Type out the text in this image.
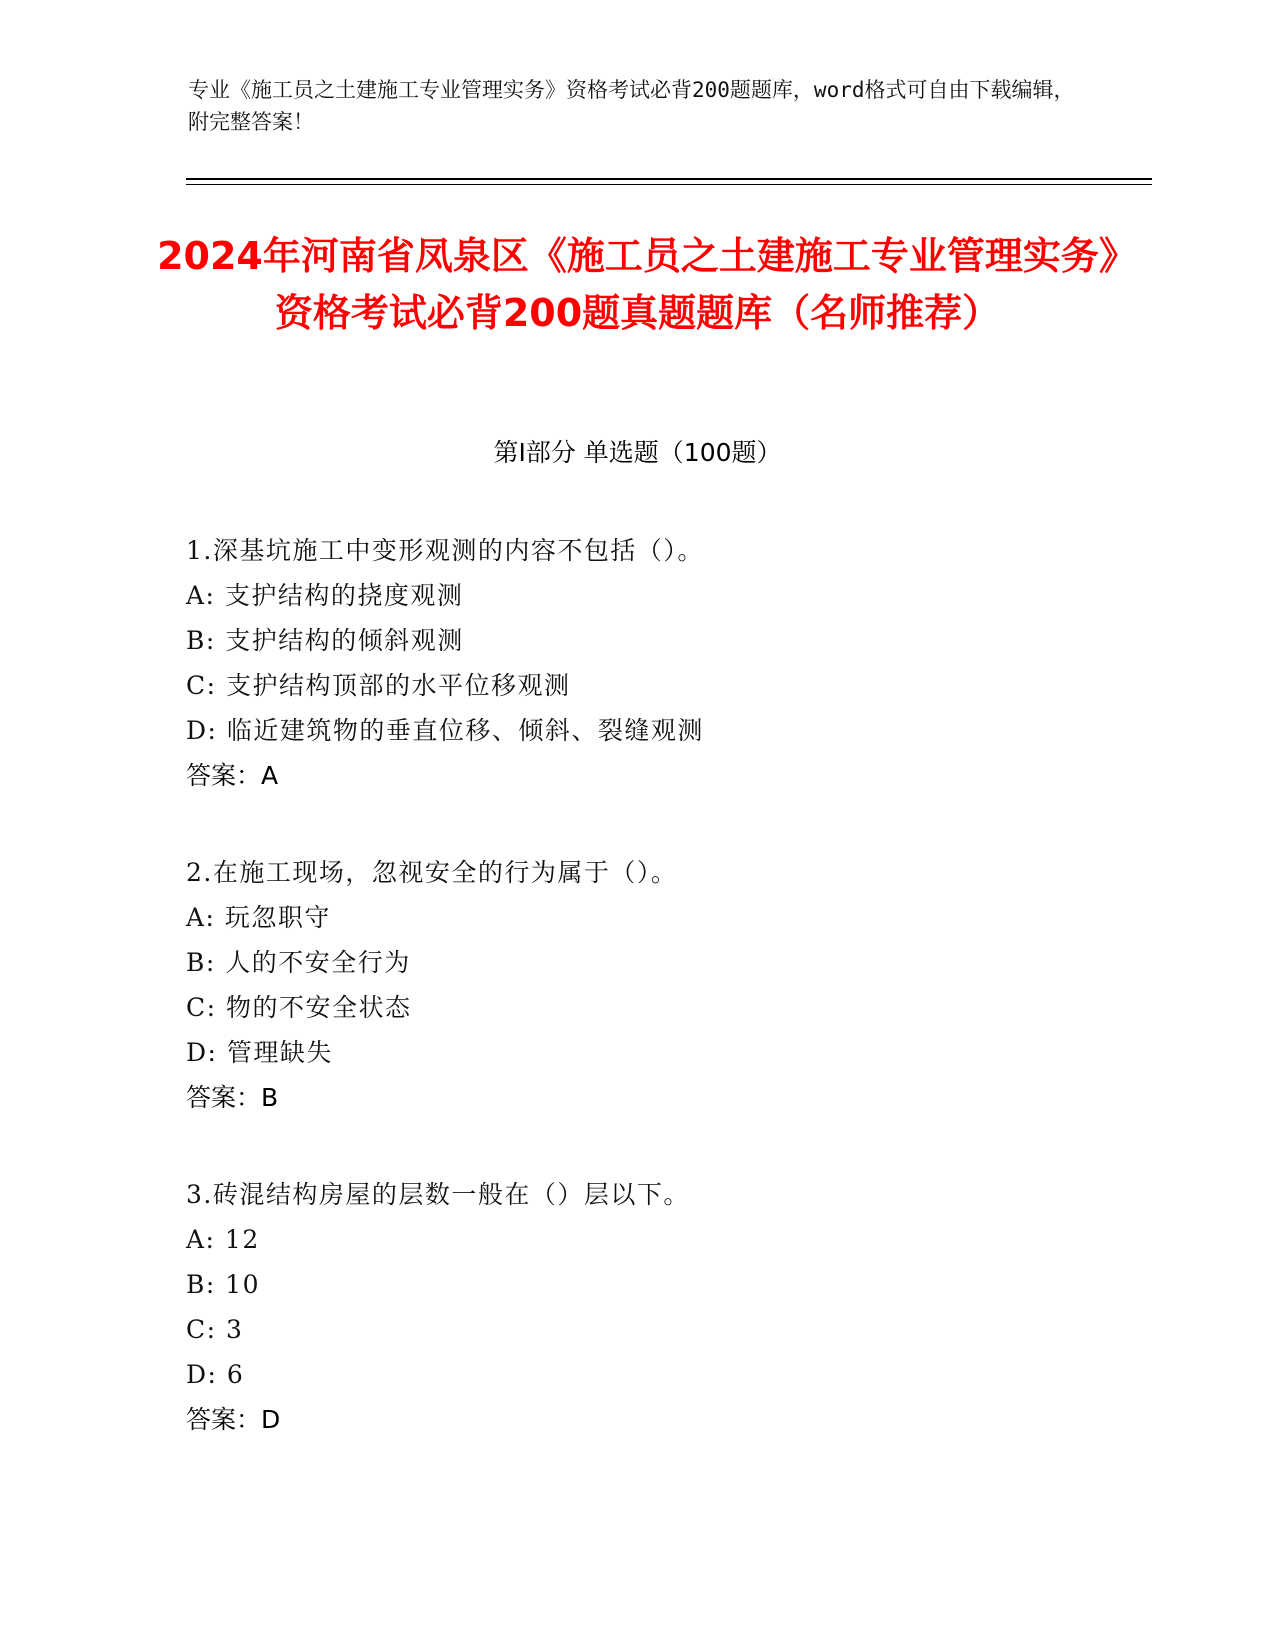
专业《施工员之土建施工专业管理实务》资格考试必背200题题库，word格式可自由下载编辑，附完整答案！
2024年河南省凤泉区《施工员之土建施工专业管理实务》资格考试必背200题真题题库（名师推荐）
第I部分 单选题（100题）
1.深基坑施工中变形观测的内容不包括（）。
A: 支护结构的挠度观测
B: 支护结构的倾斜观测
C: 支护结构顶部的水平位移观测
D: 临近建筑物的垂直位移、倾斜、裂缝观测
答案：A
2.在施工现场，忽视安全的行为属于（）。
A: 玩忽职守
B: 人的不安全行为
C: 物的不安全状态
D: 管理缺失
答案：B
3.砖混结构房屋的层数一般在（）层以下。
A: 12
B: 10
C: 3
D: 6
答案：D
